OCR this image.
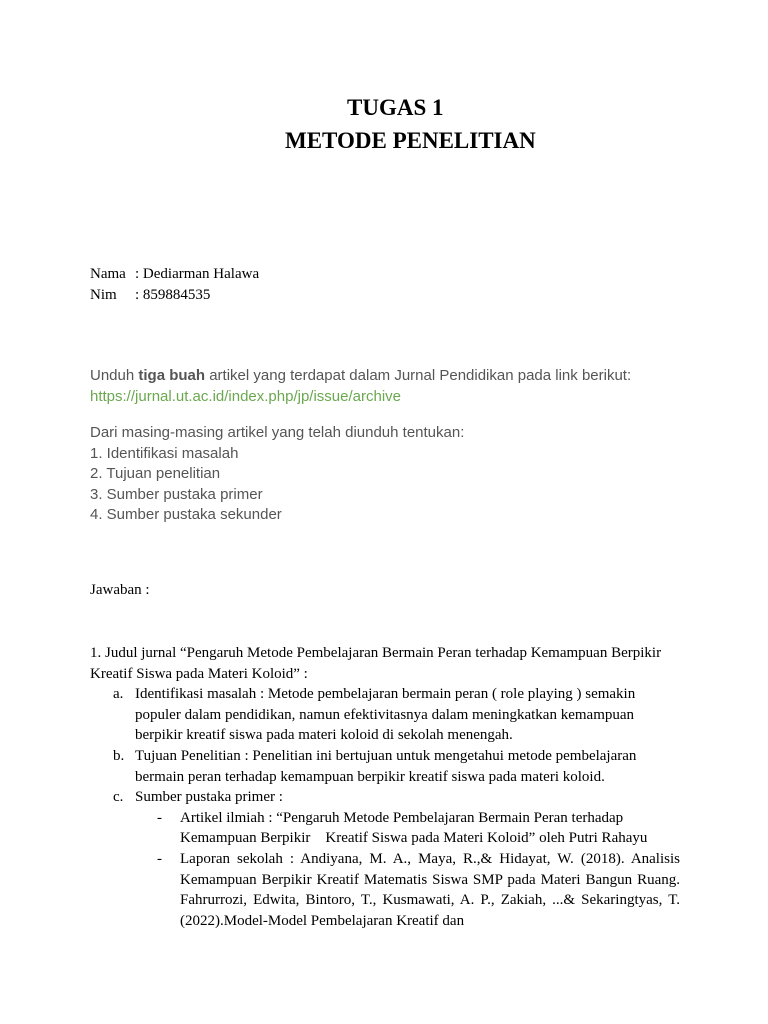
TUGAS 1
METODE PENELITIAN
Nama : Dediarman Halawa
Nim	: 859884535
Unduh tiga buah artikel yang terdapat dalam Jurnal Pendidikan pada link berikut:
https://jurnal.ut.ac.id/index.php/jp/issue/archive
Dari masing-masing artikel yang telah diunduh tentukan:
1. Identifikasi masalah
2. Tujuan penelitian
3. Sumber pustaka primer
4. Sumber pustaka sekunder
Jawaban :
1. Judul jurnal “Pengaruh Metode Pembelajaran Bermain Peran terhadap Kemampuan Berpikir Kreatif Siswa pada Materi Koloid” :
a. Identifikasi masalah : Metode pembelajaran bermain peran ( role playing ) semakin populer dalam pendidikan, namun efektivitasnya dalam meningkatkan kemampuan berpikir kreatif siswa pada materi koloid di sekolah menengah.
b. Tujuan Penelitian : Penelitian ini bertujuan untuk mengetahui metode pembelajaran bermain peran terhadap kemampuan berpikir kreatif siswa pada materi koloid.
c. Sumber pustaka primer :
-	Artikel ilmiah : “Pengaruh Metode Pembelajaran Bermain Peran terhadap Kemampuan Berpikir    Kreatif Siswa pada Materi Koloid” oleh Putri Rahayu
-	Laporan sekolah : Andiyana, M. A., Maya, R.,& Hidayat, W. (2018). Analisis Kemampuan Berpikir Kreatif Matematis Siswa SMP pada Materi Bangun Ruang. Fahrurrozi, Edwita, Bintoro, T., Kusmawati, A. P., Zakiah, ...& Sekaringtyas, T. (2022).Model-Model Pembelajaran Kreatif dan
